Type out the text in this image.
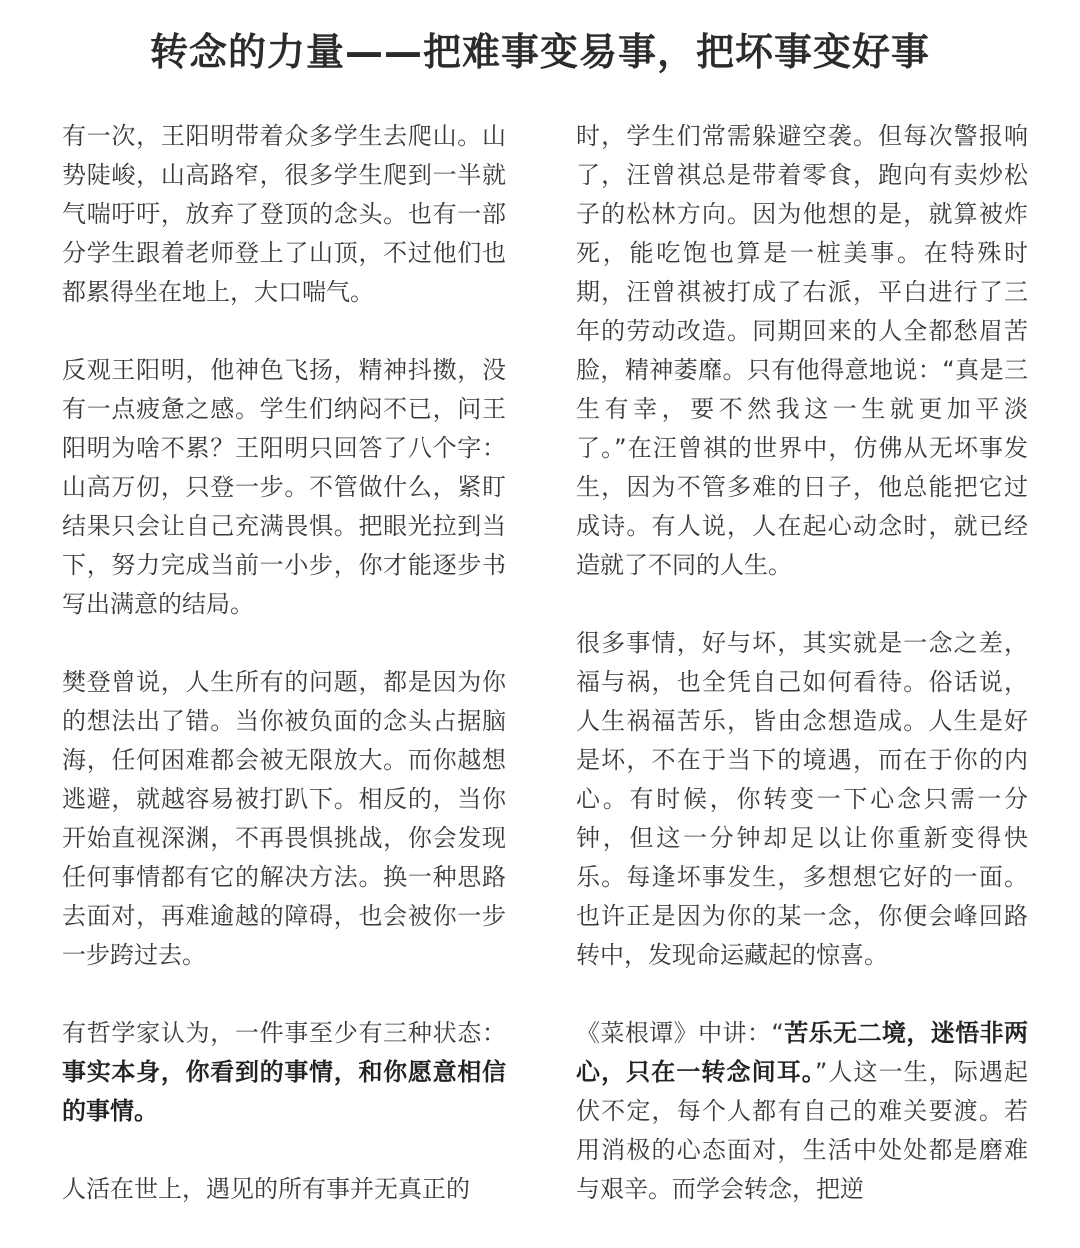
转念的力量——把难事变易事，把坏事变好事

有一次，王阳明带着众多学生去爬山。山势陡峻，山高路窄，很多学生爬到一半就气喘吁吁，放弃了登顶的念头。也有一部分学生跟着老师登上了山顶，不过他们也都累得坐在地上，大口喘气。

反观王阳明，他神色飞扬，精神抖擞，没有一点疲惫之感。学生们纳闷不已，问王阳明为啥不累？王阳明只回答了八个字：山高万仞，只登一步。不管做什么，紧盯结果只会让自己充满畏惧。把眼光拉到当下，努力完成当前一小步，你才能逐步书写出满意的结局。

樊登曾说，人生所有的问题，都是因为你的想法出了错。当你被负面的念头占据脑海，任何困难都会被无限放大。而你越想逃避，就越容易被打趴下。相反的，当你开始直视深渊，不再畏惧挑战，你会发现任何事情都有它的解决方法。换一种思路去面对，再难逾越的障碍，也会被你一步一步跨过去。

有哲学家认为，一件事至少有三种状态：事实本身，你看到的事情，和你愿意相信的事情。

人活在世上，遇见的所有事并无真正的

时，学生们常需躲避空袭。但每次警报响了，汪曾祺总是带着零食，跑向有卖炒松子的松林方向。因为他想的是，就算被炸死，能吃饱也算是一桩美事。在特殊时期，汪曾祺被打成了右派，平白进行了三年的劳动改造。同期回来的人全都愁眉苦脸，精神萎靡。只有他得意地说：“真是三生有幸，要不然我这一生就更加平淡了。”在汪曾祺的世界中，仿佛从无坏事发生，因为不管多难的日子，他总能把它过成诗。有人说，人在起心动念时，就已经造就了不同的人生。

很多事情，好与坏，其实就是一念之差，福与祸，也全凭自己如何看待。俗话说，人生祸福苦乐，皆由念想造成。人生是好是坏，不在于当下的境遇，而在于你的内心。有时候，你转变一下心念只需一分钟，但这一分钟却足以让你重新变得快乐。每逢坏事发生，多想想它好的一面。也许正是因为你的某一念，你便会峰回路转中，发现命运藏起的惊喜。

《菜根谭》中讲：“苦乐无二境，迷悟非两心，只在一转念间耳。”人这一生，际遇起伏不定，每个人都有自己的难关要渡。若用消极的心态面对，生活中处处都是磨难与艰辛。而学会转念，把逆
